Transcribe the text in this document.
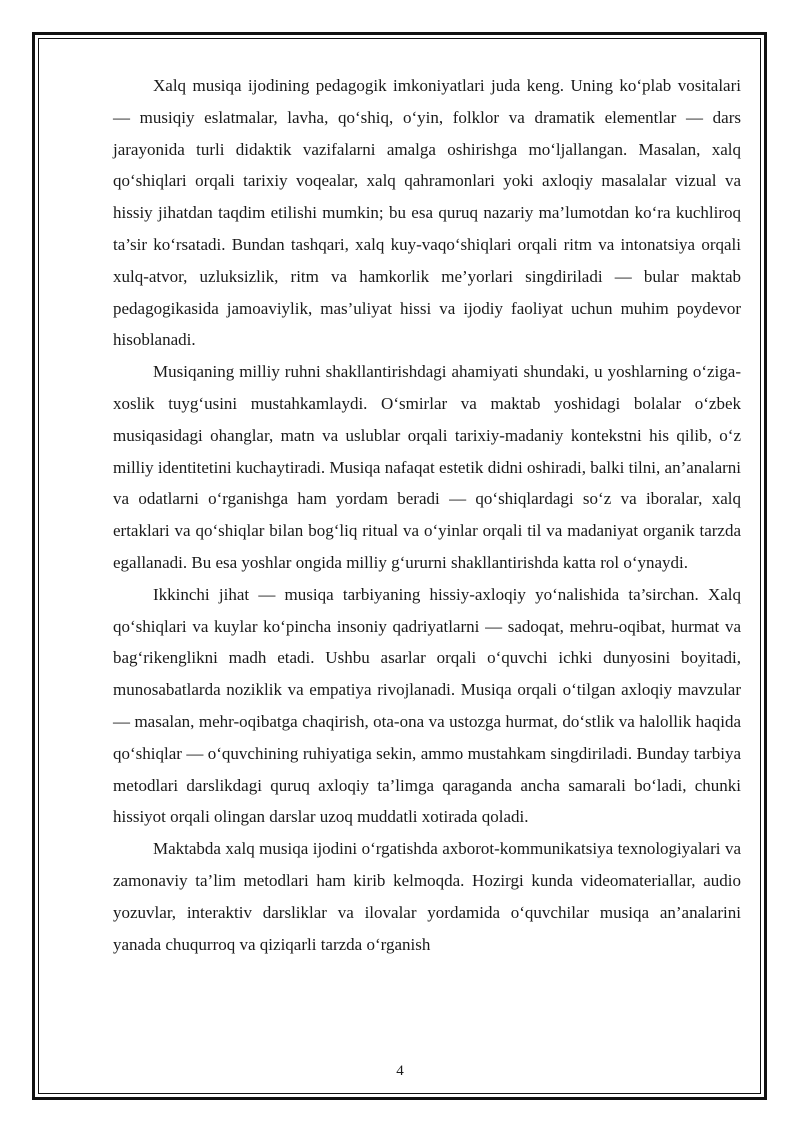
Xalq musiqa ijodining pedagogik imkoniyatlari juda keng. Uning ko‘plab vositalari — musiqiy eslatmalar, lavha, qo‘shiq, o‘yin, folklor va dramatik elementlar — dars jarayonida turli didaktik vazifalarni amalga oshirishga mo‘ljallangan. Masalan, xalq qo‘shiqlari orqali tarixiy voqealar, xalq qahramonlari yoki axloqiy masalalar vizual va hissiy jihatdan taqdim etilishi mumkin; bu esa quruq nazariy ma’lumotdan ko‘ra kuchliroq ta’sir ko‘rsatadi. Bundan tashqari, xalq kuy-vaqo‘shiqlari orqali ritm va intonatsiya orqali xulq-atvor, uzluksizlik, ritm va hamkorlik me’yorlari singdiriladi — bular maktab pedagogikasida jamoaviylik, mas’uliyat hissi va ijodiy faoliyat uchun muhim poydevor hisoblanadi.

Musiqaning milliy ruhni shakllantirishdagi ahamiyati shundaki, u yoshlarning o‘ziga-xoslik tuyg‘usini mustahkamlaydi. O‘smirlar va maktab yoshidagi bolalar o‘zbek musiqasidagi ohanglar, matn va uslublar orqali tarixiy-madaniy kontekstni his qilib, o‘z milliy identitetini kuchaytiradi. Musiqa nafaqat estetik didni oshiradi, balki tilni, an’analarni va odatlarni o‘rganishga ham yordam beradi — qo‘shiqlardagi so‘z va iboralar, xalq ertaklari va qo‘shiqlar bilan bog‘liq ritual va o‘yinlar orqali til va madaniyat organik tarzda egallanadi. Bu esa yoshlar ongida milliy g‘ururni shakllantirishda katta rol o‘ynaydi.

Ikkinchi jihat — musiqa tarbiyaning hissiy-axloqiy yo‘nalishida ta’sirchan. Xalq qo‘shiqlari va kuylar ko‘pincha insoniy qadriyatlarni — sadoqat, mehru-oqibat, hurmat va bag‘rikenglikni madh etadi. Ushbu asarlar orqali o‘quvchi ichki dunyosini boyitadi, munosabatlarda noziklik va empatiya rivojlanadi. Musiqa orqali o‘tilgan axloqiy mavzular — masalan, mehr-oqibatga chaqirish, ota-ona va ustozga hurmat, do‘stlik va halollik haqida qo‘shiqlar — o‘quvchining ruhiyatiga sekin, ammo mustahkam singdiriladi. Bunday tarbiya metodlari darslikdagi quruq axloqiy ta’limga qaraganda ancha samarali bo‘ladi, chunki hissiyot orqali olingan darslar uzoq muddatli xotirada qoladi.

Maktabda xalq musiqa ijodini o‘rgatishda axborot-kommunikatsiya texnologiyalari va zamonaviy ta’lim metodlari ham kirib kelmoqda. Hozirgi kunda videomateriallar, audio yozuvlar, interaktiv darsliklar va ilovalar yordamida o‘quvchilar musiqa an’analarini yanada chuqurroq va qiziqarli tarzda o‘rganish

4
